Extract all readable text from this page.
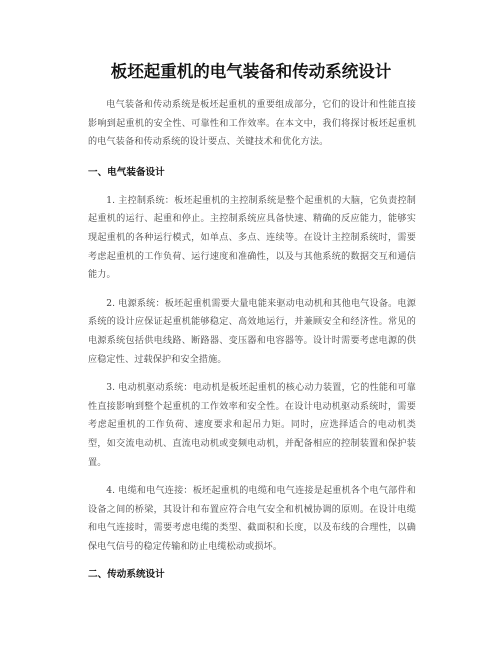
板坯起重机的电气装备和传动系统设计

电气装备和传动系统是板坯起重机的重要组成部分，它们的设计和性能直接影响到起重机的安全性、可靠性和工作效率。在本文中，我们将探讨板坯起重机的电气装备和传动系统的设计要点、关键技术和优化方法。

一、电气装备设计

1. 主控制系统：板坯起重机的主控制系统是整个起重机的大脑，它负责控制起重机的运行、起重和停止。主控制系统应具备快速、精确的反应能力，能够实现起重机的各种运行模式，如单点、多点、连续等。在设计主控制系统时，需要考虑起重机的工作负荷、运行速度和准确性，以及与其他系统的数据交互和通信能力。

2. 电源系统：板坯起重机需要大量电能来驱动电动机和其他电气设备。电源系统的设计应保证起重机能够稳定、高效地运行，并兼顾安全和经济性。常见的电源系统包括供电线路、断路器、变压器和电容器等。设计时需要考虑电源的供应稳定性、过载保护和安全措施。

3. 电动机驱动系统：电动机是板坯起重机的核心动力装置，它的性能和可靠性直接影响到整个起重机的工作效率和安全性。在设计电动机驱动系统时，需要考虑起重机的工作负荷、速度要求和起吊力矩。同时，应选择适合的电动机类型，如交流电动机、直流电动机或变频电动机，并配备相应的控制装置和保护装置。

4. 电缆和电气连接：板坯起重机的电缆和电气连接是起重机各个电气部件和设备之间的桥梁，其设计和布置应符合电气安全和机械协调的原则。在设计电缆和电气连接时，需要考虑电缆的类型、截面积和长度，以及布线的合理性，以确保电气信号的稳定传输和防止电缆松动或损坏。

二、传动系统设计
